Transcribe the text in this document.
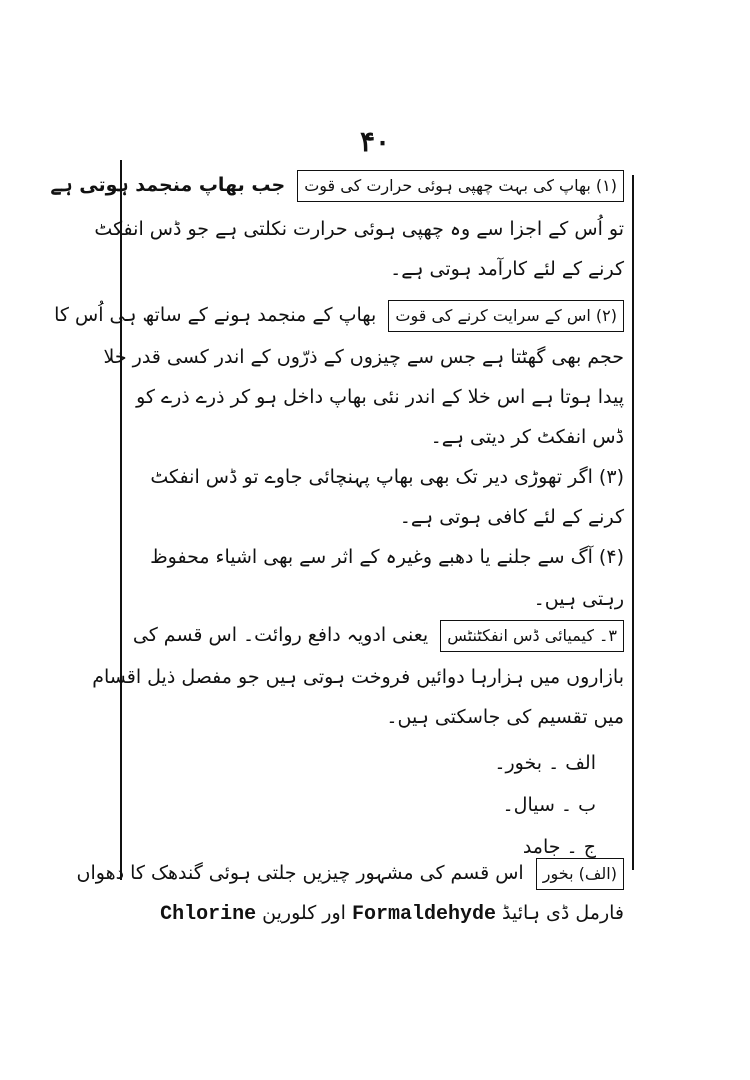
۴۰
(۱) بھاپ کی بہت چھپی ہوئی حرارت کی قوت جب بھاپ منجمد ہوتی ہے
تو اُس کے اجزا سے وہ چھپی ہوئی حرارت نکلتی ہے جو ڈس انفکٹ
کرنے کے لئے کارآمد ہوتی ہے۔
(۲) اس کے سرایت کرنے کی قوت بھاپ کے منجمد ہونے کے ساتھ ہی اُس کا
حجم بھی گھٹتا ہے جس سے چیزوں کے ذرّوں کے اندر کسی قدر خلا
پیدا ہوتا ہے اس خلا کے اندر نئی بھاپ داخل ہو کر ذرے ذرے کو
ڈس انفکٹ کر دیتی ہے۔
(۳) اگر تھوڑی دیر تک بھی بھاپ پہنچائی جاوے تو ڈس انفکٹ
کرنے کے لئے کافی ہوتی ہے۔
(۴) آگ سے جلنے یا دھبے وغیرہ کے اثر سے بھی اشیاء محفوظ
رہتی ہیں۔
۳۔ کیمیائی ڈس انفکٹنٹس یعنی ادویہ دافع روائت۔ اس قسم کی
بازاروں میں ہزارہا دوائیں فروخت ہوتی ہیں جو مفصل ذیل اقسام
میں تقسیم کی جاسکتی ہیں۔
الف ۔ بخور۔
ب ۔ سیال۔
ج ۔ جامد
(الف) بخور اس قسم کی مشہور چیزیں جلتی ہوئی گندھک کا دھواں
فارمل ڈی ہائیڈ Formaldehyde اور کلورین Chlorine
